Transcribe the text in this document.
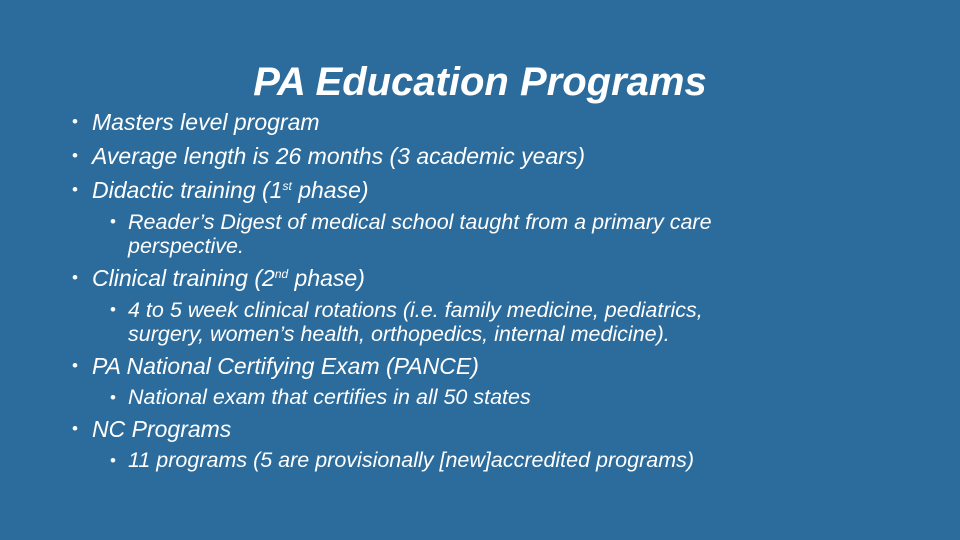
PA Education Programs
• Masters level program
• Average length is 26 months (3 academic years)
• Didactic training (1st phase)
• Reader’s Digest of medical school taught from a primary care
perspective.
• Clinical training (2nd phase)
• 4 to 5 week clinical rotations (i.e. family medicine, pediatrics,
surgery, women’s health, orthopedics, internal medicine).
• PA National Certifying Exam (PANCE)
• National exam that certifies in all 50 states
• NC Programs
• 11 programs (5 are provisionally [new]accredited programs)
